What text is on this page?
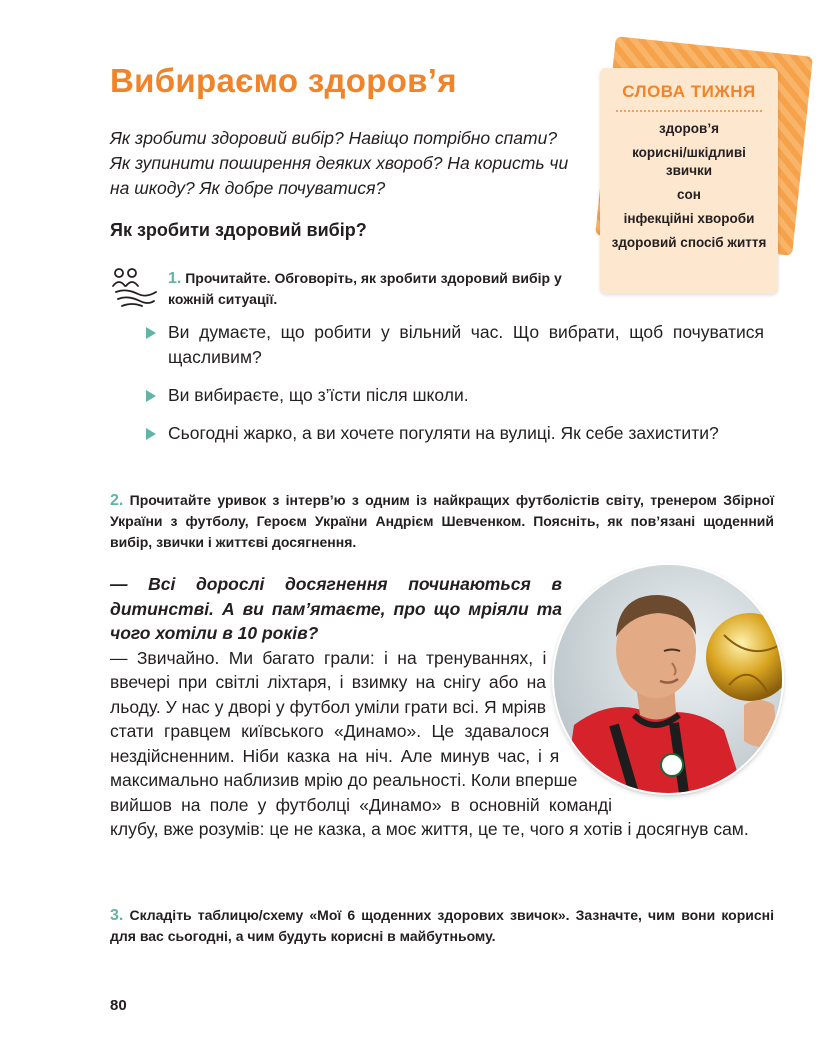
Вибираємо здоров’я

Як зробити здоровий вибір? Навіщо потрібно спати? Як зупинити поширення деяких хвороб? На користь чи на шкоду? Як добре почуватися?

Як зробити здоровий вибір?
СЛОВА ТИЖНЯ
здоров’я
корисні/шкідливі звички
сон
інфекційні хвороби
здоровий спосіб життя

1. Прочитайте. Обговоріть, як зробити здоровий вибір у кожній ситуації.

Ви думаєте, що робити у вільний час. Що вибрати, щоб почуватися щасливим?
Ви вибираєте, що з’їсти після школи.
Сьогодні жарко, а ви хочете погуляти на вулиці. Як себе захистити?

2. Прочитайте уривок з інтерв’ю з одним із найкращих футболістів світу, тренером Збірної України з футболу, Героєм України Андрієм Шевченком. Поясніть, як пов’язані щоденний вибір, звички і життєві досягнення.

— Всі дорослі досягнення починаються в дитинстві. А ви пам’ятаєте, про що мріяли та чого хотіли в 10 років?

— Звичайно. Ми багато грали: і на тренуваннях, і ввечері при світлі ліхтаря, і взимку на снігу або на льоду. У нас у дворі у футбол уміли грати всі. Я мріяв стати гравцем київського «Динамо». Це здавалося нездійсненним. Ніби казка на ніч. Але минув час, і я максимально наблизив мрію до реальності. Коли вперше вийшов на поле у футболці «Динамо» в основній команді клубу, вже розумів: це не казка, а моє життя, це те, чого я хотів і досягнув сам.

3. Складіть таблицю/схему «Мої 6 щоденних здорових звичок». Зазначте, чим вони корисні для вас сьогодні, а чим будуть корисні в майбутньому.

80
